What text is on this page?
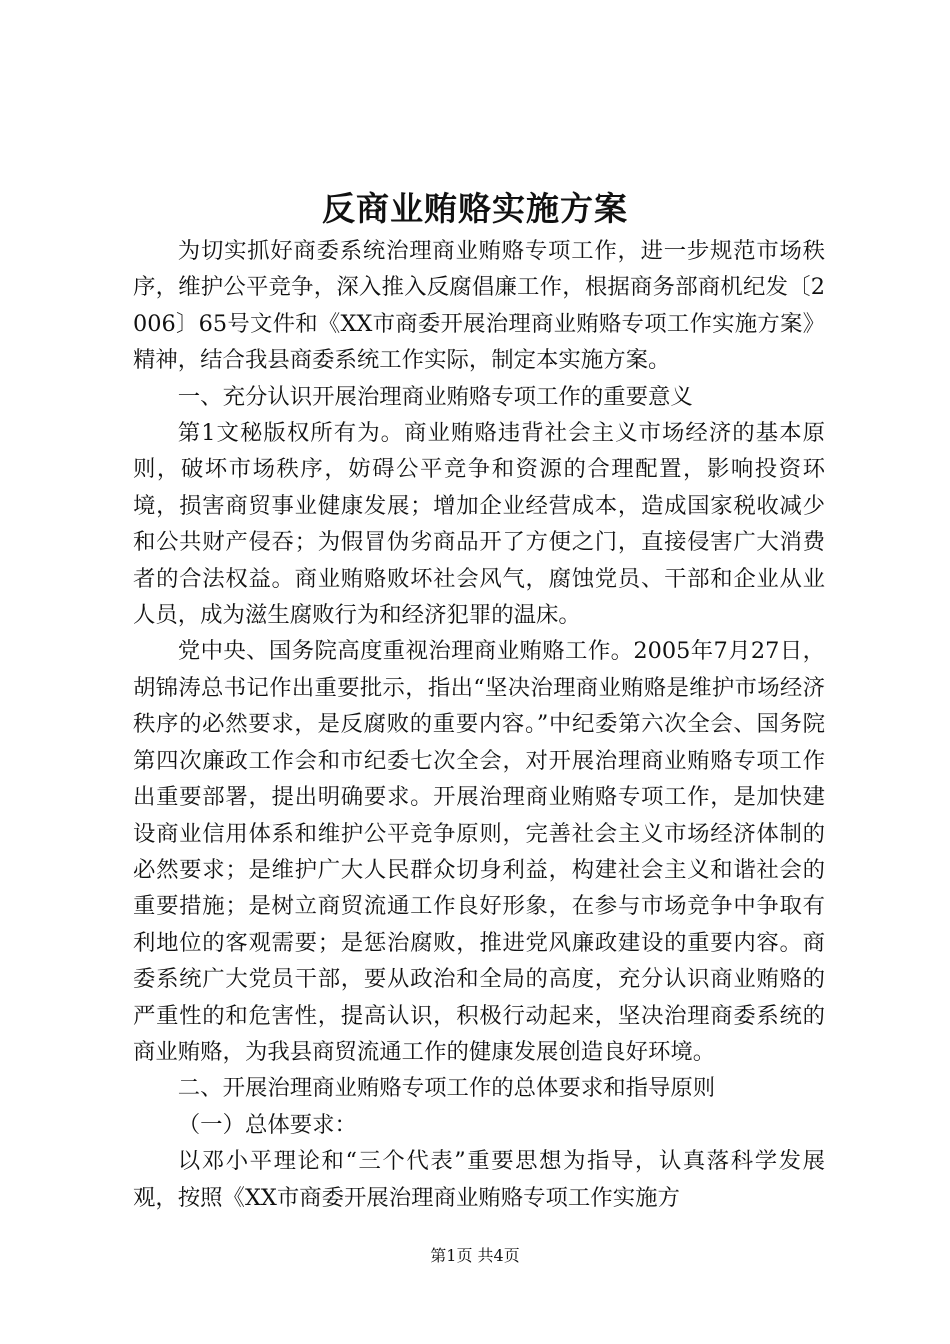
反商业贿赂实施方案

为切实抓好商委系统治理商业贿赂专项工作，进一步规范市场秩序，维护公平竞争，深入推入反腐倡廉工作，根据商务部商机纪发〔2006〕65号文件和《XX市商委开展治理商业贿赂专项工作实施方案》精神，结合我县商委系统工作实际，制定本实施方案。

一、充分认识开展治理商业贿赂专项工作的重要意义

第1文秘版权所有为。商业贿赂违背社会主义市场经济的基本原则，破坏市场秩序，妨碍公平竞争和资源的合理配置，影响投资环境，损害商贸事业健康发展；增加企业经营成本，造成国家税收减少和公共财产侵吞；为假冒伪劣商品开了方便之门，直接侵害广大消费者的合法权益。商业贿赂败坏社会风气，腐蚀党员、干部和企业从业人员，成为滋生腐败行为和经济犯罪的温床。

党中央、国务院高度重视治理商业贿赂工作。2005年7月27日，胡锦涛总书记作出重要批示，指出“坚决治理商业贿赂是维护市场经济秩序的必然要求，是反腐败的重要内容。”中纪委第六次全会、国务院第四次廉政工作会和市纪委七次全会，对开展治理商业贿赂专项工作出重要部署，提出明确要求。开展治理商业贿赂专项工作，是加快建设商业信用体系和维护公平竞争原则，完善社会主义市场经济体制的必然要求；是维护广大人民群众切身利益，构建社会主义和谐社会的重要措施；是树立商贸流通工作良好形象，在参与市场竞争中争取有利地位的客观需要；是惩治腐败，推进党风廉政建设的重要内容。商委系统广大党员干部，要从政治和全局的高度，充分认识商业贿赂的严重性的和危害性，提高认识，积极行动起来，坚决治理商委系统的商业贿赂，为我县商贸流通工作的健康发展创造良好环境。

二、开展治理商业贿赂专项工作的总体要求和指导原则

（一）总体要求：

以邓小平理论和“三个代表”重要思想为指导，认真落科学发展观，按照《XX市商委开展治理商业贿赂专项工作实施方

第1页 共4页
